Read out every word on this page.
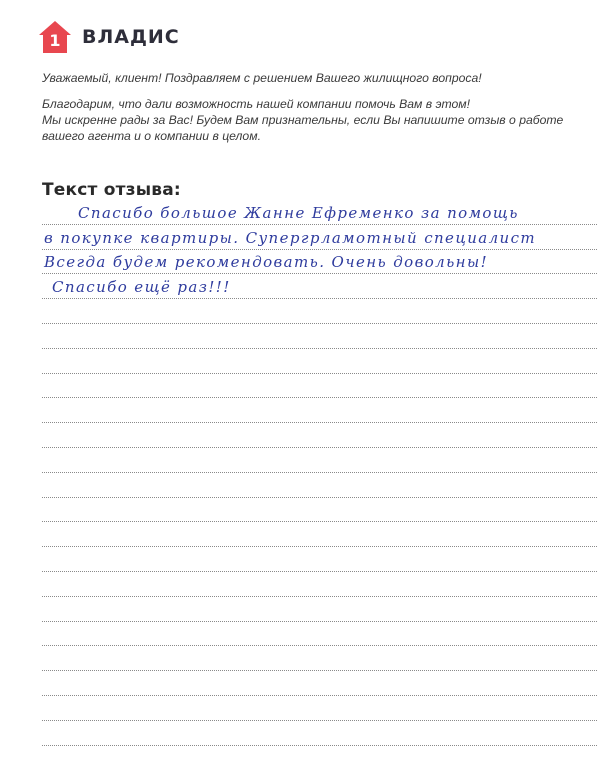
1	ВЛАДИС

Уважаемый, клиент! Поздравляем с решением Вашего жилищного вопроса!

Благодарим, что дали возможность нашей компании помочь Вам в этом!

Мы искренне рады за Вас! Будем Вам признательны, если Вы напишите отзыв о работе

вашего агента и о компании в целом.

Текст отзыва:
Спасибо большое Жанне Ефременко за помощь
в покупке квартиры. Супергрламотный специалист
Всегда будем рекомендовать. Очень довольны!
Спасибо ещё раз!!!
